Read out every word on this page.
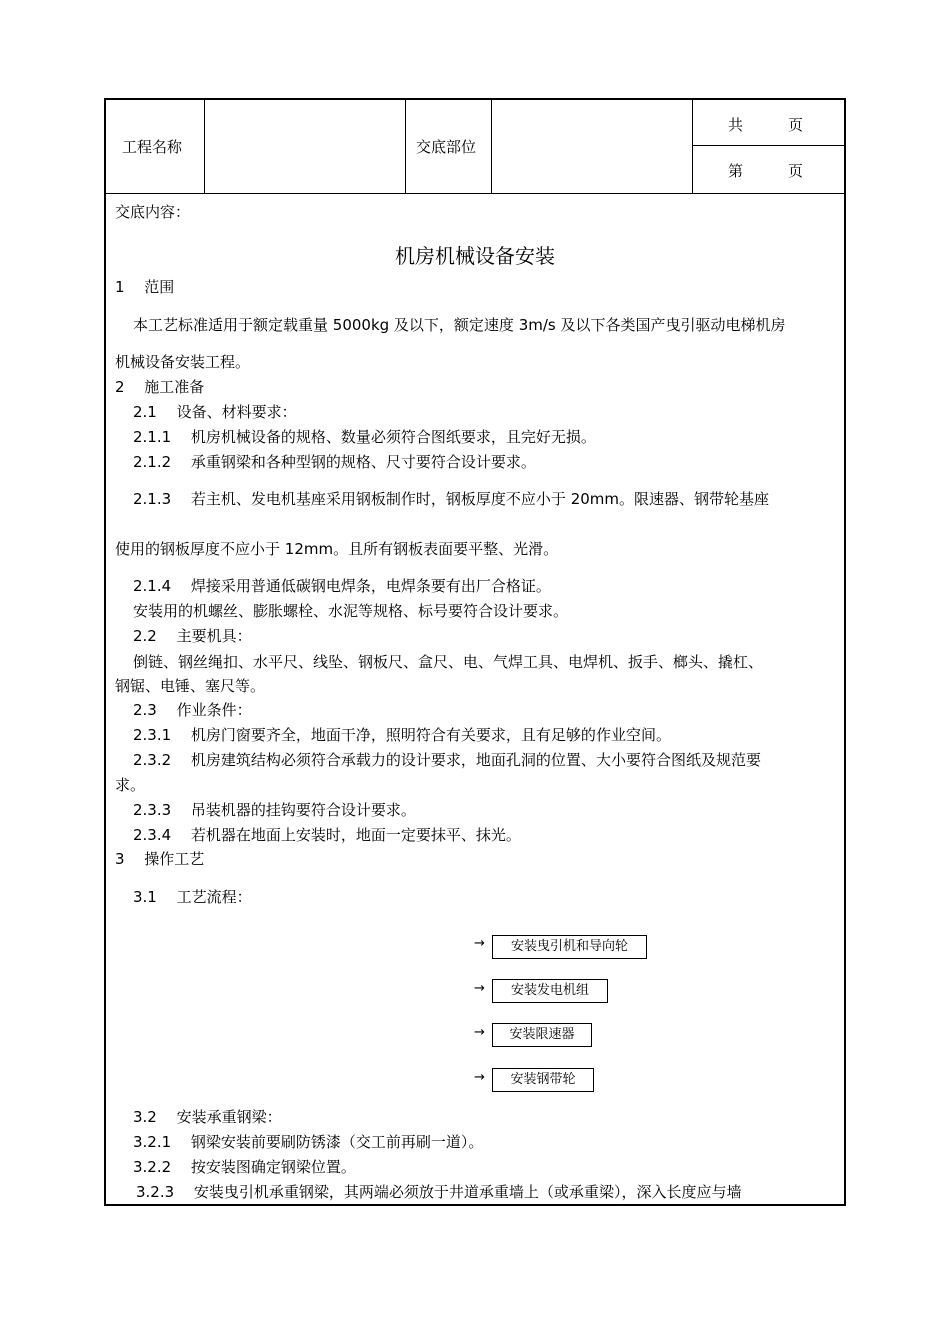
工程名称	交底部位
共　　　页
第　　　页
交底内容：
机房机械设备安装
1　 范围
本工艺标准适用于额定载重量 5000kg 及以下，额定速度 3m/s 及以下各类国产曳引驱动电梯机房
机械设备安装工程。
2　 施工准备
2.1　 设备、材料要求：
2.1.1　 机房机械设备的规格、数量必须符合图纸要求，且完好无损。
2.1.2　 承重钢梁和各种型钢的规格、尺寸要符合设计要求。
2.1.3　 若主机、发电机基座采用钢板制作时，钢板厚度不应小于 20mm。限速器、钢带轮基座
使用的钢板厚度不应小于 12mm。且所有钢板表面要平整、光滑。
2.1.4　 焊接采用普通低碳钢电焊条，电焊条要有出厂合格证。
安装用的机螺丝、膨胀螺栓、水泥等规格、标号要符合设计要求。
2.2　 主要机具：
倒链、钢丝绳扣、水平尺、线坠、钢板尺、盒尺、电、气焊工具、电焊机、扳手、榔头、撬杠、
钢锯、电锤、塞尺等。
2.3　 作业条件：
2.3.1　 机房门窗要齐全，地面干净，照明符合有关要求，且有足够的作业空间。
2.3.2　 机房建筑结构必须符合承载力的设计要求，地面孔洞的位置、大小要符合图纸及规范要
求。
2.3.3　 吊装机器的挂钩要符合设计要求。
2.3.4　 若机器在地面上安装时，地面一定要抹平、抹光。
3　 操作工艺
3.1　 工艺流程：
→	安装曳引机和导向轮
→	安装发电机组
→	安装限速器
→	安装钢带轮
3.2　 安装承重钢梁：
3.2.1　 钢梁安装前要刷防锈漆（交工前再刷一道）。
3.2.2　 按安装图确定钢梁位置。
3.2.3　 安装曳引机承重钢梁，其两端必须放于井道承重墙上（或承重梁），深入长度应与墙
